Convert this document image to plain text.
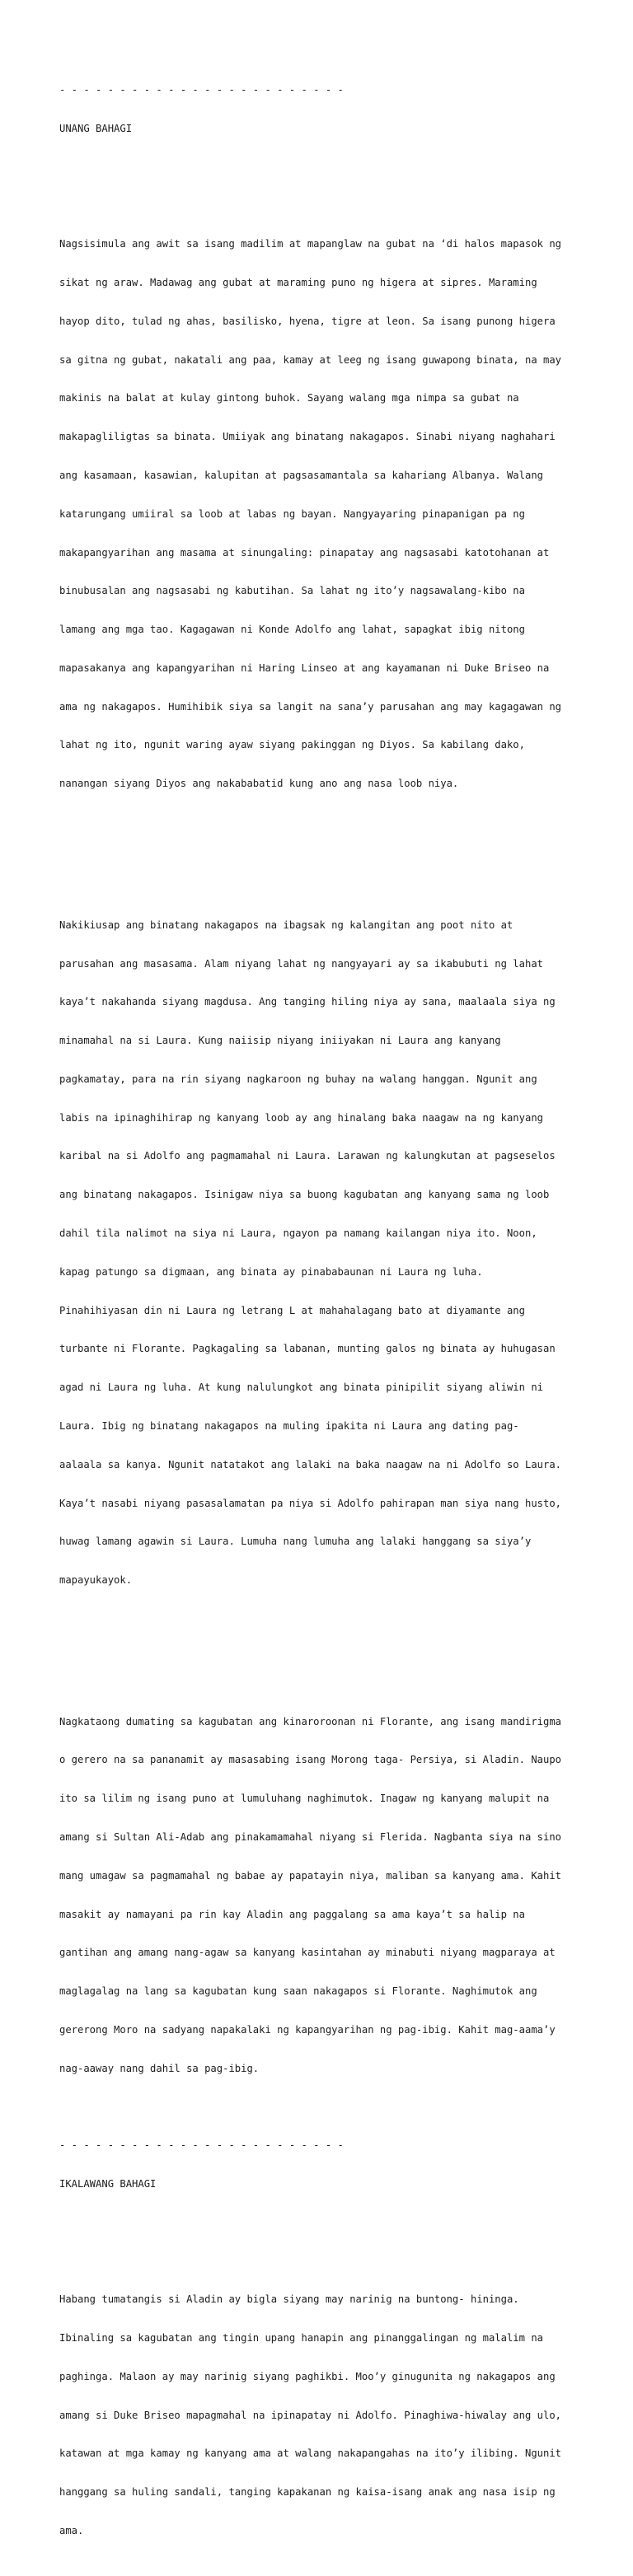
- - - - - - - - - - - - - - - - - - - - - - - -

UNANG BAHAGI

Nagsisimula ang awit sa isang madilim at mapanglaw na gubat na ‘di halos mapasok ng

sikat ng araw. Madawag ang gubat at maraming puno ng higera at sipres. Maraming

hayop dito, tulad ng ahas, basilisko, hyena, tigre at leon. Sa isang punong higera

sa gitna ng gubat, nakatali ang paa, kamay at leeg ng isang guwapong binata, na may

makinis na balat at kulay gintong buhok. Sayang walang mga nimpa sa gubat na

makapagliligtas sa binata. Umiiyak ang binatang nakagapos. Sinabi niyang naghahari

ang kasamaan, kasawian, kalupitan at pagsasamantala sa kahariang Albanya. Walang

katarungang umiiral sa loob at labas ng bayan. Nangyayaring pinapanigan pa ng

makapangyarihan ang masama at sinungaling: pinapatay ang nagsasabi katotohanan at

binubusalan ang nagsasabi ng kabutihan. Sa lahat ng ito’y nagsawalang-kibo na

lamang ang mga tao. Kagagawan ni Konde Adolfo ang lahat, sapagkat ibig nitong

mapasakanya ang kapangyarihan ni Haring Linseo at ang kayamanan ni Duke Briseo na

ama ng nakagapos. Humihibik siya sa langit na sana’y parusahan ang may kagagawan ng

lahat ng ito, ngunit waring ayaw siyang pakinggan ng Diyos. Sa kabilang dako,

nanangan siyang Diyos ang nakababatid kung ano ang nasa loob niya.

Nakikiusap ang binatang nakagapos na ibagsak ng kalangitan ang poot nito at

parusahan ang masasama. Alam niyang lahat ng nangyayari ay sa ikabubuti ng lahat

kaya’t nakahanda siyang magdusa. Ang tanging hiling niya ay sana, maalaala siya ng

minamahal na si Laura. Kung naiisip niyang iniiyakan ni Laura ang kanyang

pagkamatay, para na rin siyang nagkaroon ng buhay na walang hanggan. Ngunit ang

labis na ipinaghihirap ng kanyang loob ay ang hinalang baka naagaw na ng kanyang

karibal na si Adolfo ang pagmamahal ni Laura. Larawan ng kalungkutan at pagseselos

ang binatang nakagapos. Isinigaw niya sa buong kagubatan ang kanyang sama ng loob

dahil tila nalimot na siya ni Laura, ngayon pa namang kailangan niya ito. Noon,

kapag patungo sa digmaan, ang binata ay pinababaunan ni Laura ng luha.

Pinahihiyasan din ni Laura ng letrang L at mahahalagang bato at diyamante ang

turbante ni Florante. Pagkagaling sa labanan, munting galos ng binata ay huhugasan

agad ni Laura ng luha. At kung nalulungkot ang binata pinipilit siyang aliwin ni

Laura. Ibig ng binatang nakagapos na muling ipakita ni Laura ang dating pag-

aalaala sa kanya. Ngunit natatakot ang lalaki na baka naagaw na ni Adolfo so Laura.

Kaya’t nasabi niyang pasasalamatan pa niya si Adolfo pahirapan man siya nang husto,

huwag lamang agawin si Laura. Lumuha nang lumuha ang lalaki hanggang sa siya’y

mapayukayok.

Nagkataong dumating sa kagubatan ang kinaroroonan ni Florante, ang isang mandirigma

o gerero na sa pananamit ay masasabing isang Morong taga- Persiya, si Aladin. Naupo

ito sa lilim ng isang puno at lumuluhang naghimutok. Inagaw ng kanyang malupit na

amang si Sultan Ali-Adab ang pinakamamahal niyang si Flerida. Nagbanta siya na sino

mang umagaw sa pagmamahal ng babae ay papatayin niya, maliban sa kanyang ama. Kahit

masakit ay namayani pa rin kay Aladin ang paggalang sa ama kaya’t sa halip na

gantihan ang amang nang-agaw sa kanyang kasintahan ay minabuti niyang magparaya at

maglagalag na lang sa kagubatan kung saan nakagapos si Florante. Naghimutok ang

gererong Moro na sadyang napakalaki ng kapangyarihan ng pag-ibig. Kahit mag-aama’y

nag-aaway nang dahil sa pag-ibig.

- - - - - - - - - - - - - - - - - - - - - - - -

IKALAWANG BAHAGI

Habang tumatangis si Aladin ay bigla siyang may narinig na buntong- hininga.

Ibinaling sa kagubatan ang tingin upang hanapin ang pinanggalingan ng malalim na

paghinga. Malaon ay may narinig siyang paghikbi. Moo’y ginugunita ng nakagapos ang

amang si Duke Briseo mapagmahal na ipinapatay ni Adolfo. Pinaghiwa-hiwalay ang ulo,

katawan at mga kamay ng kanyang ama at walang nakapangahas na ito’y ilibing. Ngunit

hanggang sa huling sandali, tanging kapakanan ng kaisa-isang anak ang nasa isip ng

ama.
